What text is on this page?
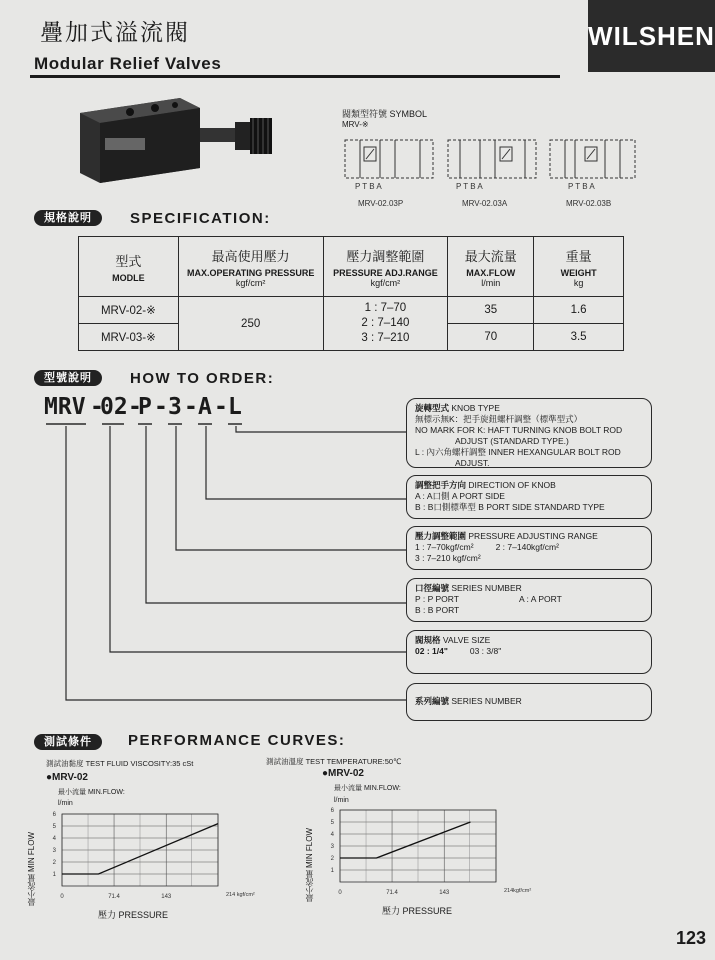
疊加式溢流閥
Modular Relief Valves
WILSHEN
閥類型符號 SYMBOL
MRV-※
P T B A	P T B A	P T B A
MRV-02.03P	MRV-02.03A	MRV-02.03B
規格說明	SPECIFICATION:
型式
MODLE	最高使用壓力
MAX.OPERATING PRESSURE
kgf/cm²	壓力調整範圍
PRESSURE ADJ.RANGE
kgf/cm²	最大流量
MAX.FLOW
l/min	重量
WEIGHT
kg

MRV-02-※	250	1 : 7–70
2 : 7–140
3 : 7–210	35	1.6
MRV-03-※			70	3.5
型號說明	HOW TO ORDER:
MRV -
02 -
P - 3 - A - L	旋轉型式 KNOB TYPE
無標示無K：把手旋鈕螺杆調整（標準型式）
NO MARK FOR K: HAFT TURNING KNOB BOLT ROD
ADJUST (STANDARD TYPE.)
L : 內六角螺杆調整 INNER HEXANGULAR BOLT ROD
ADJUST.
調整把手方向 DIRECTION OF KNOB
A : A口側 A PORT SIDE
B : B口側標準型 B PORT SIDE STANDARD TYPE
壓力調整範圍 PRESSURE ADJUSTING RANGE
1 : 7–70kgf/cm²	2 : 7–140kgf/cm²
3 : 7–210 kgf/cm²
口徑編號 SERIES NUMBER
P : P PORT	A : A PORT
B : B PORT
閥規格 VALVE SIZE
02 : 1/4"	03 : 3/8"
系列編號 SERIES NUMBER
測試條件	PERFORMANCE CURVES:
測試油黏度 TEST FLUID VISCOSITY:35 cSt	測試油溫度 TEST TEMPERATURE:50℃
●MRV-02
最小流量 MIN.FLOW:
l/min
最小流量 MIN FLOW	1
2
3
4
5
6
0	71.4	143	214 kgf/cm²
壓力 PRESSURE
●MRV-02
最小流量 MIN.FLOW:
l/min
最小流量 MIN FLOW	1
2
3
4
5
6
0	71.4	143	214kgf/cm²
壓力 PRESSURE
123
